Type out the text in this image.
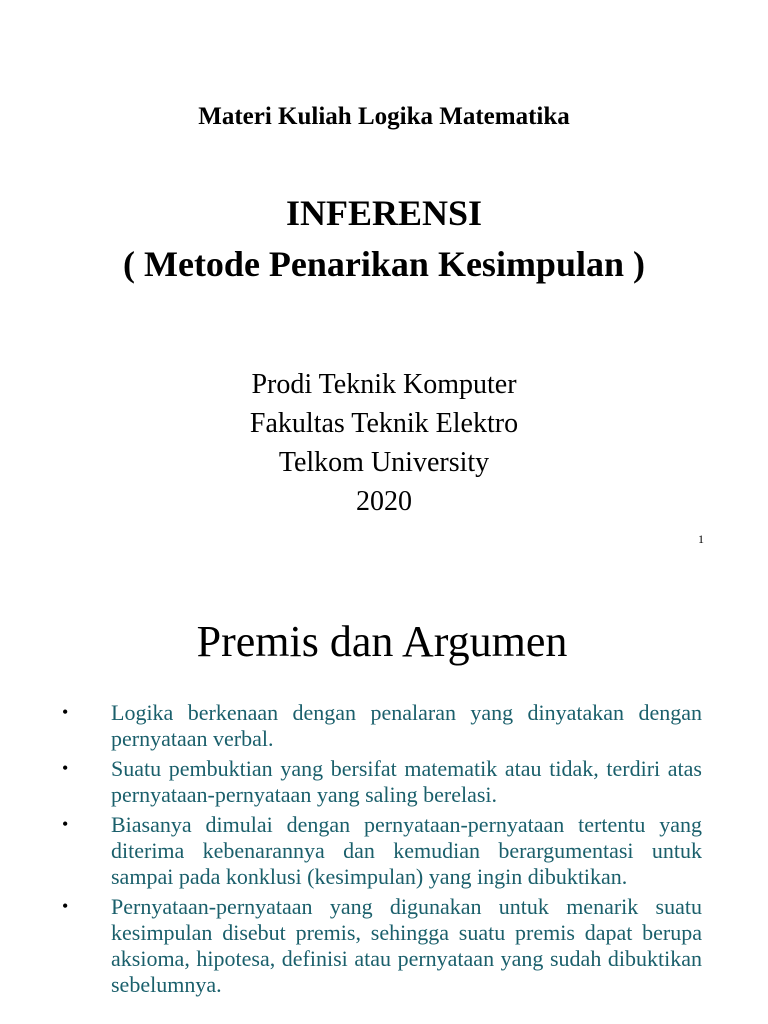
Materi Kuliah Logika Matematika
INFERENSI
( Metode Penarikan Kesimpulan )
Prodi Teknik Komputer
Fakultas Teknik Elektro
Telkom University
2020
1
Premis dan Argumen
•	Logika berkenaan dengan penalaran yang dinyatakan dengan pernyataan verbal.
•	Suatu pembuktian yang bersifat matematik atau tidak, terdiri atas pernyataan-pernyataan yang saling berelasi.
•	Biasanya dimulai dengan pernyataan-pernyataan tertentu yang diterima kebenarannya dan kemudian berargumentasi untuk sampai pada konklusi (kesimpulan) yang ingin dibuktikan.
•	Pernyataan-pernyataan yang digunakan untuk menarik suatu kesimpulan disebut premis, sehingga suatu premis dapat berupa aksioma, hipotesa, definisi atau pernyataan yang sudah dibuktikan sebelumnya.
